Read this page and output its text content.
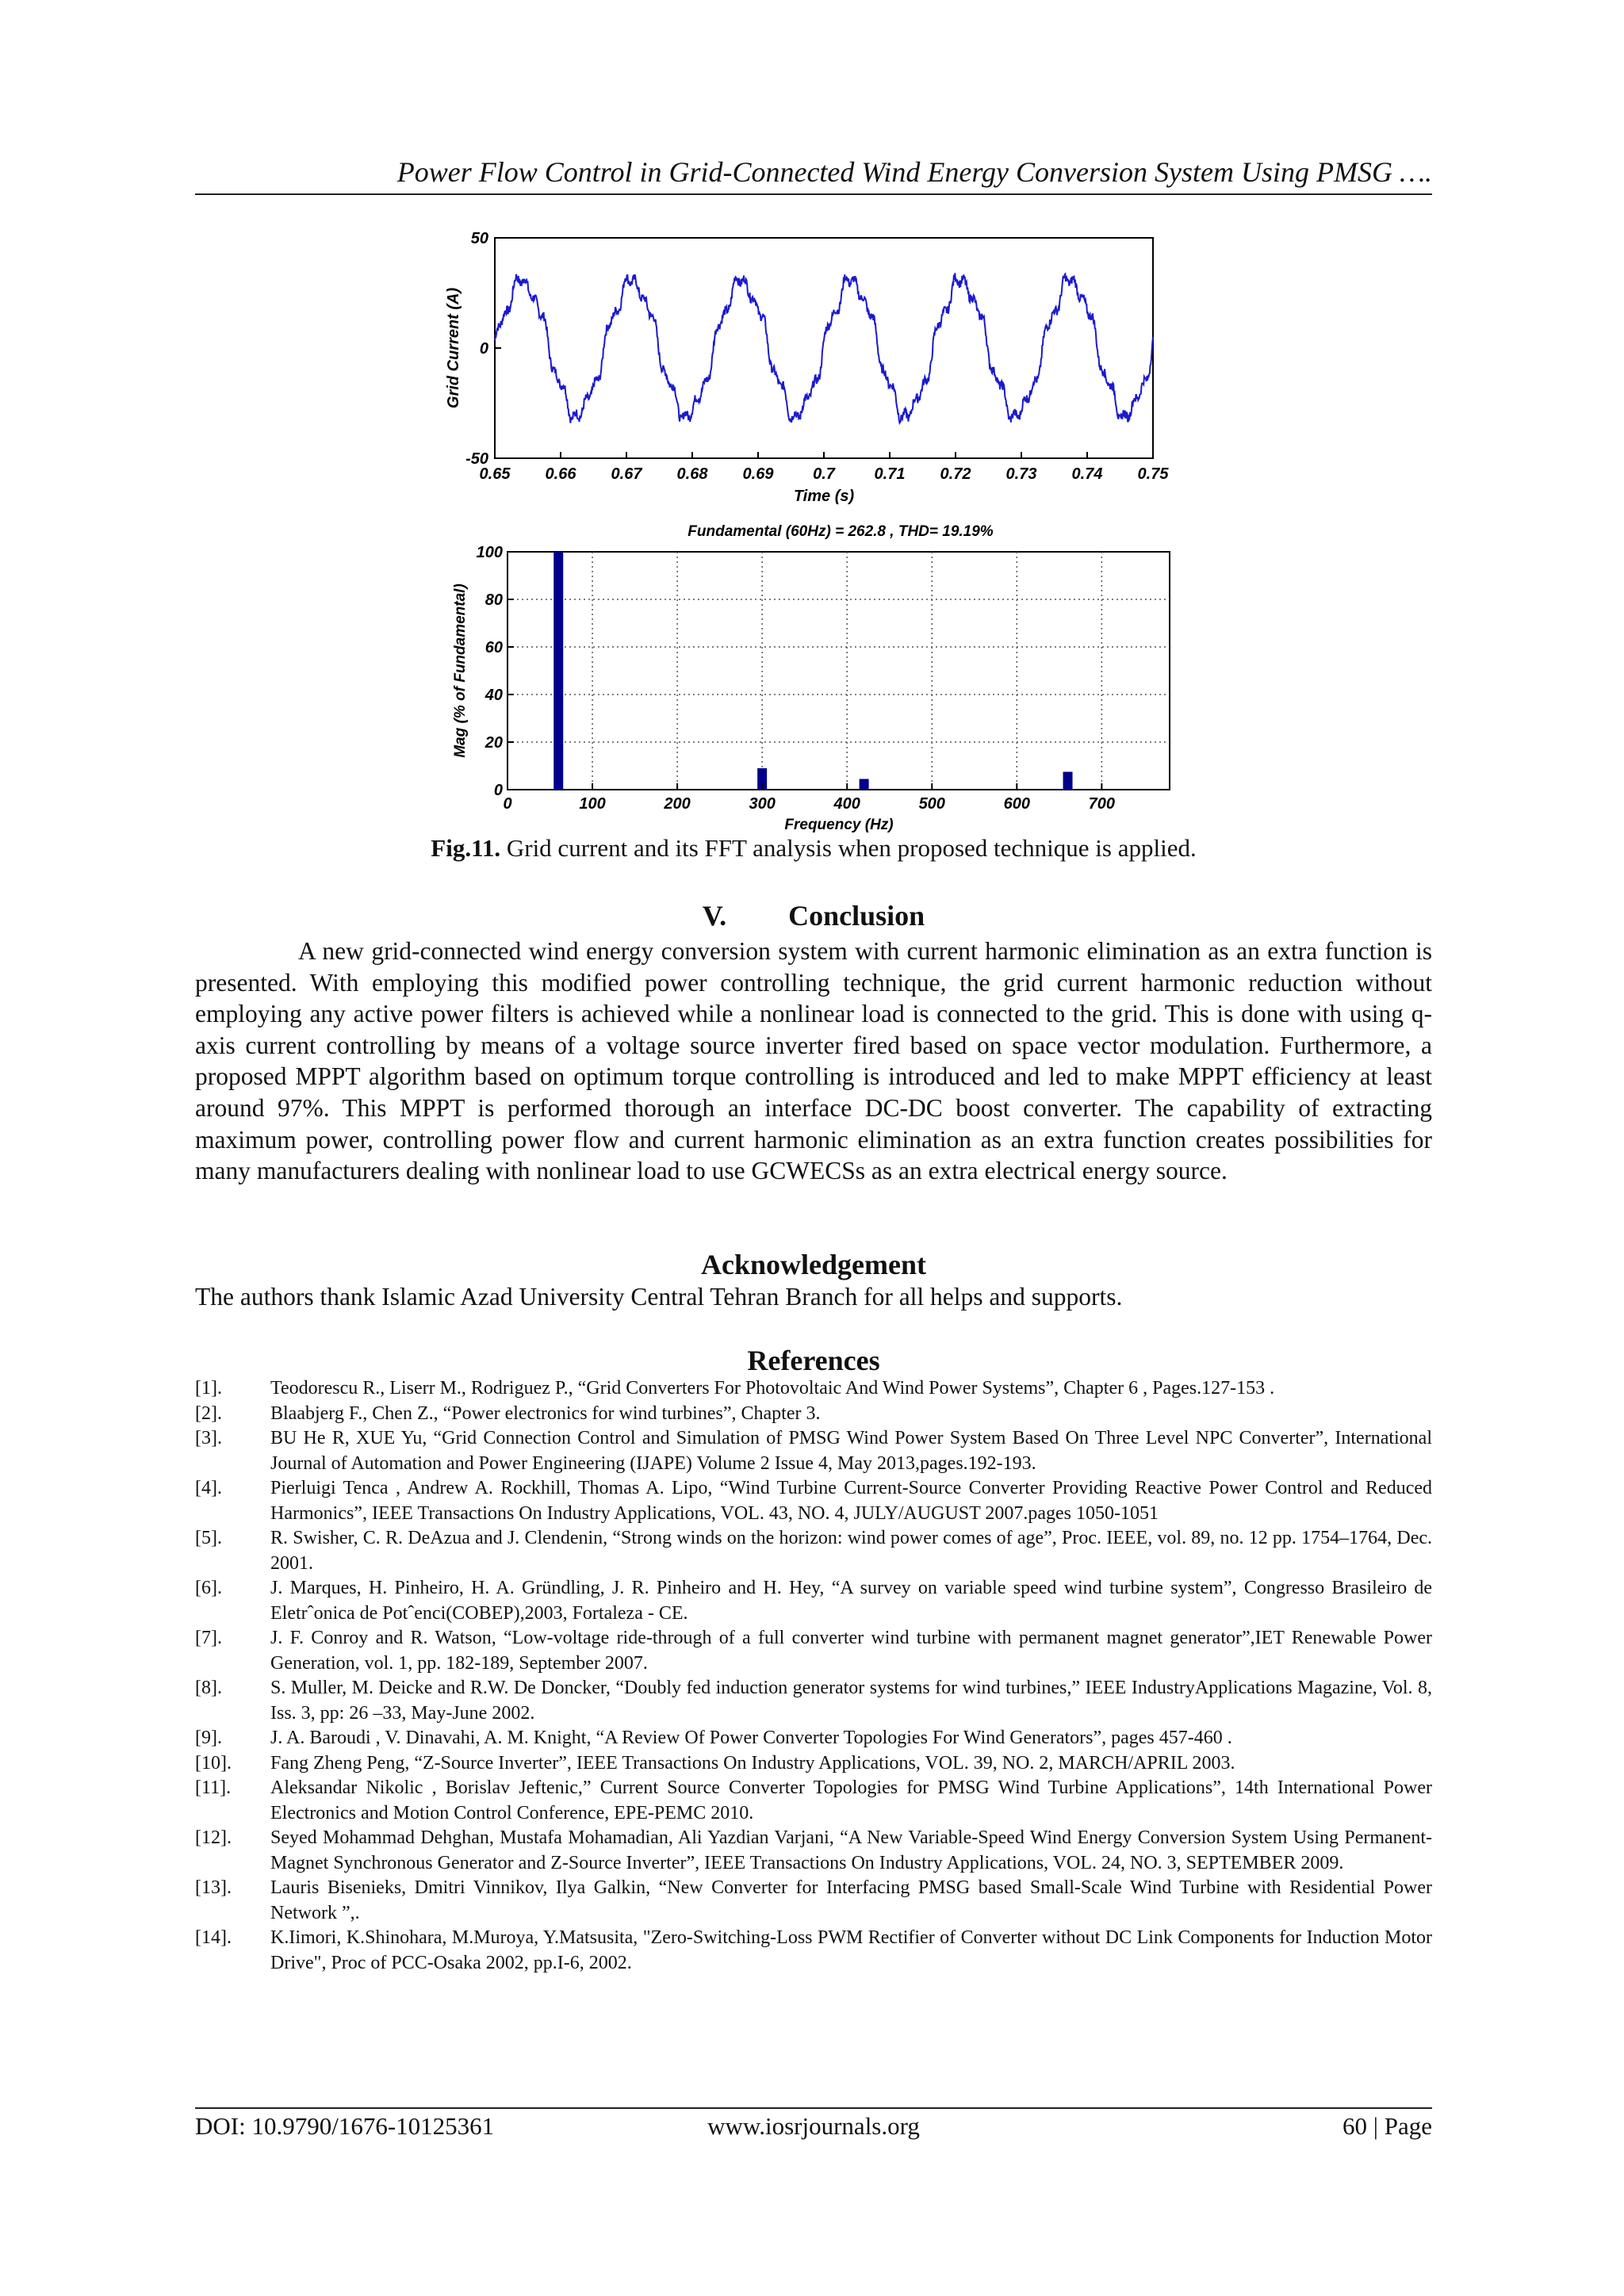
Power Flow Control in Grid-Connected Wind Energy Conversion System Using PMSG ….
0.65 0.66 0.67 0.68 0.69 0.7 0.71 0.72 0.73 0.74 0.75
-50
0
50
Time (s)
Grid Current (A)
Fundamental (60Hz) = 262.8 , THD= 19.19%
0	100	200	300	400	500	600	700
0
20
40
60
80
100
Frequency (Hz)
Mag (% of Fundamental)
Fig.11. Grid current and its FFT analysis when proposed technique is applied.
V. Conclusion
A new grid-connected wind energy conversion system with current harmonic elimination as an extra function is presented. With employing this modified power controlling technique, the grid current harmonic reduction without employing any active power filters is achieved while a nonlinear load is connected to the grid. This is done with using q-axis current controlling by means of a voltage source inverter fired based on space vector modulation. Furthermore, a proposed MPPT algorithm based on optimum torque controlling is introduced and led to make MPPT efficiency at least around 97%. This MPPT is performed thorough an interface DC-DC boost converter. The capability of extracting maximum power, controlling power flow and current harmonic elimination as an extra function creates possibilities for many manufacturers dealing with nonlinear load to use GCWECSs as an extra electrical energy source.
Acknowledgement
The authors thank Islamic Azad University Central Tehran Branch for all helps and supports.
References
[1].	Teodorescu R., Liserr M., Rodriguez P., “Grid Converters For Photovoltaic And Wind Power Systems”, Chapter 6 , Pages.127-153 .
[2].	Blaabjerg F., Chen Z., “Power electronics for wind turbines”, Chapter 3.
[3].	BU He R, XUE Yu, “Grid Connection Control and Simulation of PMSG Wind Power System Based On Three Level NPC Converter”, International Journal of Automation and Power Engineering (IJAPE) Volume 2 Issue 4, May 2013,pages.192-193.
[4].	Pierluigi Tenca , Andrew A. Rockhill, Thomas A. Lipo, “Wind Turbine Current-Source Converter Providing Reactive Power Control and Reduced Harmonics”, IEEE Transactions On Industry Applications, VOL. 43, NO. 4, JULY/AUGUST 2007.pages 1050-1051
[5].	R. Swisher, C. R. DeAzua and J. Clendenin, “Strong winds on the horizon: wind power comes of age”, Proc. IEEE, vol. 89, no. 12 pp. 1754–1764, Dec. 2001.
[6].	J. Marques, H. Pinheiro, H. A. Gründling, J. R. Pinheiro and H. Hey, “A survey on variable speed wind turbine system”, Congresso Brasileiro de Eletrˆonica de Potˆenci(COBEP),2003, Fortaleza - CE.
[7].	J. F. Conroy and R. Watson, “Low-voltage ride-through of a full converter wind turbine with permanent magnet generator”,IET Renewable Power Generation, vol. 1, pp. 182-189, September 2007.
[8].	S. Muller, M. Deicke and R.W. De Doncker, “Doubly fed induction generator systems for wind turbines,” IEEE IndustryApplications Magazine, Vol. 8, Iss. 3, pp: 26 –33, May-June 2002.
[9].	J. A. Baroudi , V. Dinavahi, A. M. Knight, “A Review Of Power Converter Topologies For Wind Generators”, pages 457-460 .
[10].	Fang Zheng Peng, “Z-Source Inverter”, IEEE Transactions On Industry Applications, VOL. 39, NO. 2, MARCH/APRIL 2003.
[11].	Aleksandar Nikolic , Borislav Jeftenic,” Current Source Converter Topologies for PMSG Wind Turbine Applications”, 14th International Power Electronics and Motion Control Conference, EPE-PEMC 2010.
[12].	Seyed Mohammad Dehghan, Mustafa Mohamadian, Ali Yazdian Varjani, “A New Variable-Speed Wind Energy Conversion System Using Permanent-Magnet Synchronous Generator and Z-Source Inverter”, IEEE Transactions On Industry Applications, VOL. 24, NO. 3, SEPTEMBER 2009.
[13].	Lauris Bisenieks, Dmitri Vinnikov, Ilya Galkin, “New Converter for Interfacing PMSG based Small-Scale Wind Turbine with Residential Power Network ”,.
[14].	K.Iimori, K.Shinohara, M.Muroya, Y.Matsusita, "Zero-Switching-Loss PWM Rectifier of Converter without DC Link Components for Induction Motor Drive", Proc of PCC-Osaka 2002, pp.I-6, 2002.
DOI: 10.9790/1676-10125361	www.iosrjournals.org	60 | Page
